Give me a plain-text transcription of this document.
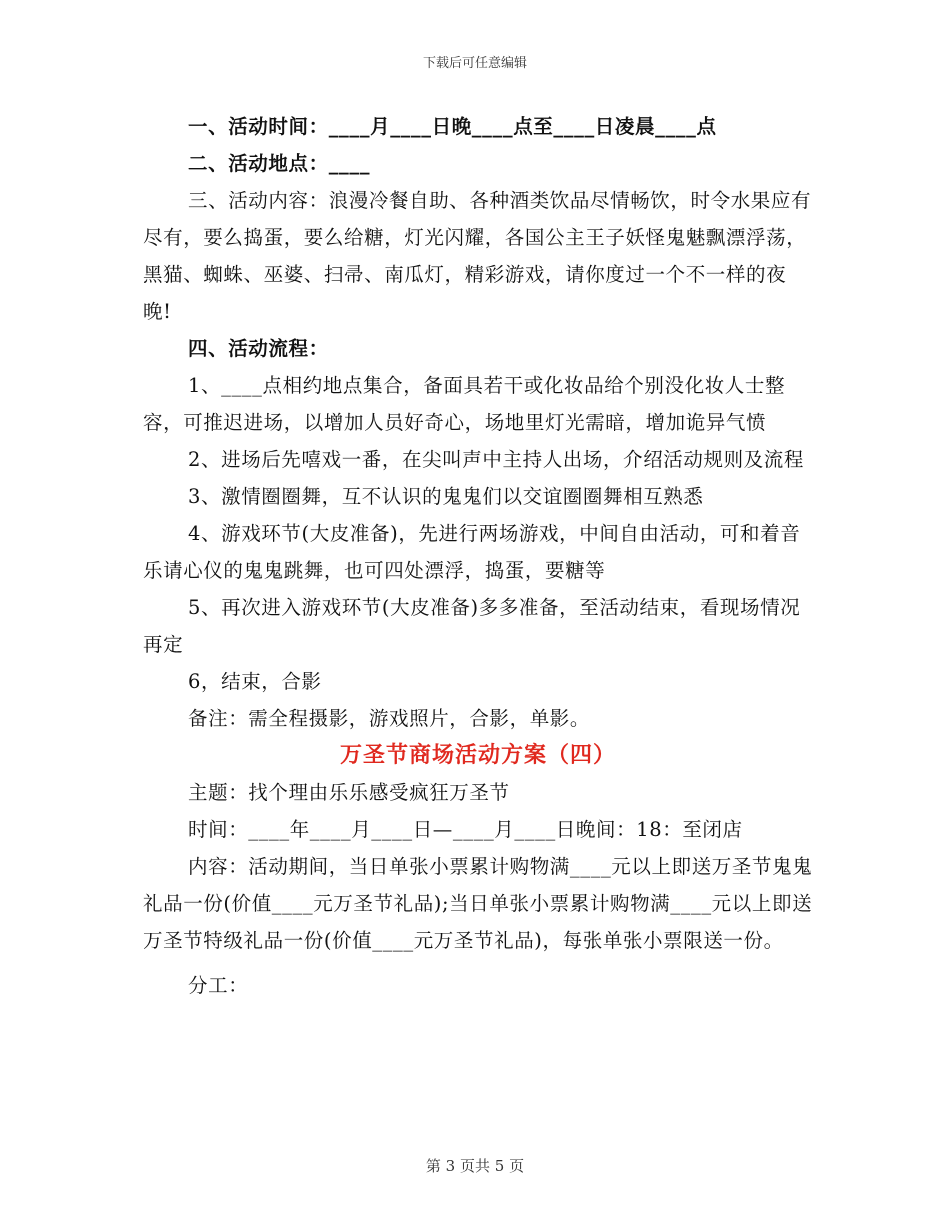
下载后可任意编辑

一、活动时间：____月____日晚____点至____日凌晨____点

二、活动地点：____

三、活动内容：浪漫冷餐自助、各种酒类饮品尽情畅饮，时令水果应有尽有，要么捣蛋，要么给糖，灯光闪耀，各国公主王子妖怪鬼魅飘漂浮荡，黑猫、蜘蛛、巫婆、扫帚、南瓜灯，精彩游戏，请你度过一个不一样的夜晚!

四、活动流程：

1、____点相约地点集合，备面具若干或化妆品给个别没化妆人士整容，可推迟进场，以增加人员好奇心，场地里灯光需暗，增加诡异气愤

2、进场后先嘻戏一番，在尖叫声中主持人出场，介绍活动规则及流程

3、激情圈圈舞，互不认识的鬼鬼们以交谊圈圈舞相互熟悉

4、游戏环节(大皮准备)，先进行两场游戏，中间自由活动，可和着音乐请心仪的鬼鬼跳舞，也可四处漂浮，捣蛋，要糖等

5、再次进入游戏环节(大皮准备)多多准备，至活动结束，看现场情况再定

6，结束，合影

备注：需全程摄影，游戏照片，合影，单影。

万圣节商场活动方案（四）

主题：找个理由乐乐感受疯狂万圣节

时间：____年____月____日—____月____日晚间：18：至闭店

内容：活动期间，当日单张小票累计购物满____元以上即送万圣节鬼鬼礼品一份(价值____元万圣节礼品);当日单张小票累计购物满____元以上即送万圣节特级礼品一份(价值____元万圣节礼品)，每张单张小票限送一份。

分工：

第 3 页共 5 页
